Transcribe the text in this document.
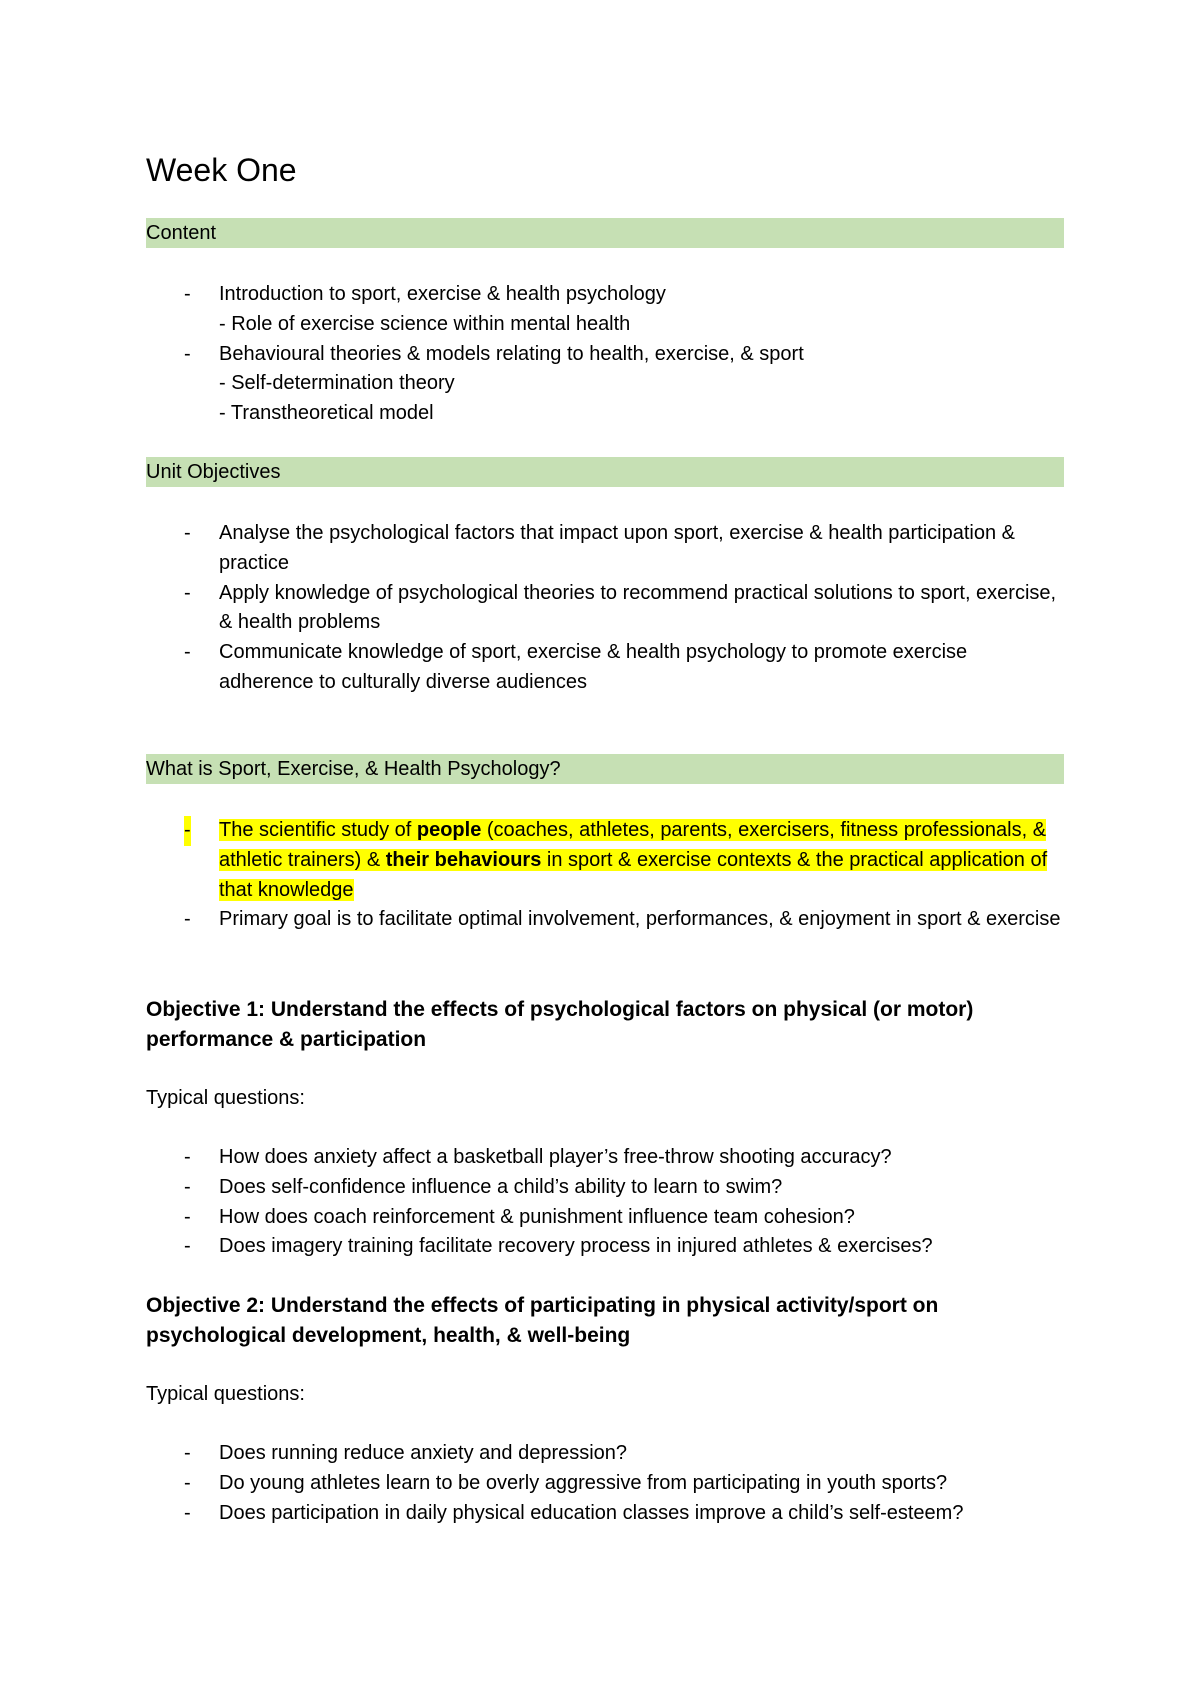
Week One
Content
- Introduction to sport, exercise & health psychology
- Role of exercise science within mental health
- Behavioural theories & models relating to health, exercise, & sport
- Self-determination theory
- Transtheoretical model
Unit Objectives
- Analyse the psychological factors that impact upon sport, exercise & health participation & practice
- Apply knowledge of psychological theories to recommend practical solutions to sport, exercise, & health problems
- Communicate knowledge of sport, exercise & health psychology to promote exercise adherence to culturally diverse audiences
What is Sport, Exercise, & Health Psychology?
- The scientific study of people (coaches, athletes, parents, exercisers, fitness professionals, & athletic trainers) & their behaviours in sport & exercise contexts & the practical application of that knowledge
- Primary goal is to facilitate optimal involvement, performances, & enjoyment in sport & exercise

Objective 1: Understand the effects of psychological factors on physical (or motor) performance & participation

Typical questions:

- How does anxiety affect a basketball player’s free-throw shooting accuracy?
- Does self-confidence influence a child’s ability to learn to swim?
- How does coach reinforcement & punishment influence team cohesion?
- Does imagery training facilitate recovery process in injured athletes & exercises?

Objective 2: Understand the effects of participating in physical activity/sport on psychological development, health, & well-being

Typical questions:

- Does running reduce anxiety and depression?
- Do young athletes learn to be overly aggressive from participating in youth sports?
- Does participation in daily physical education classes improve a child’s self-esteem?
